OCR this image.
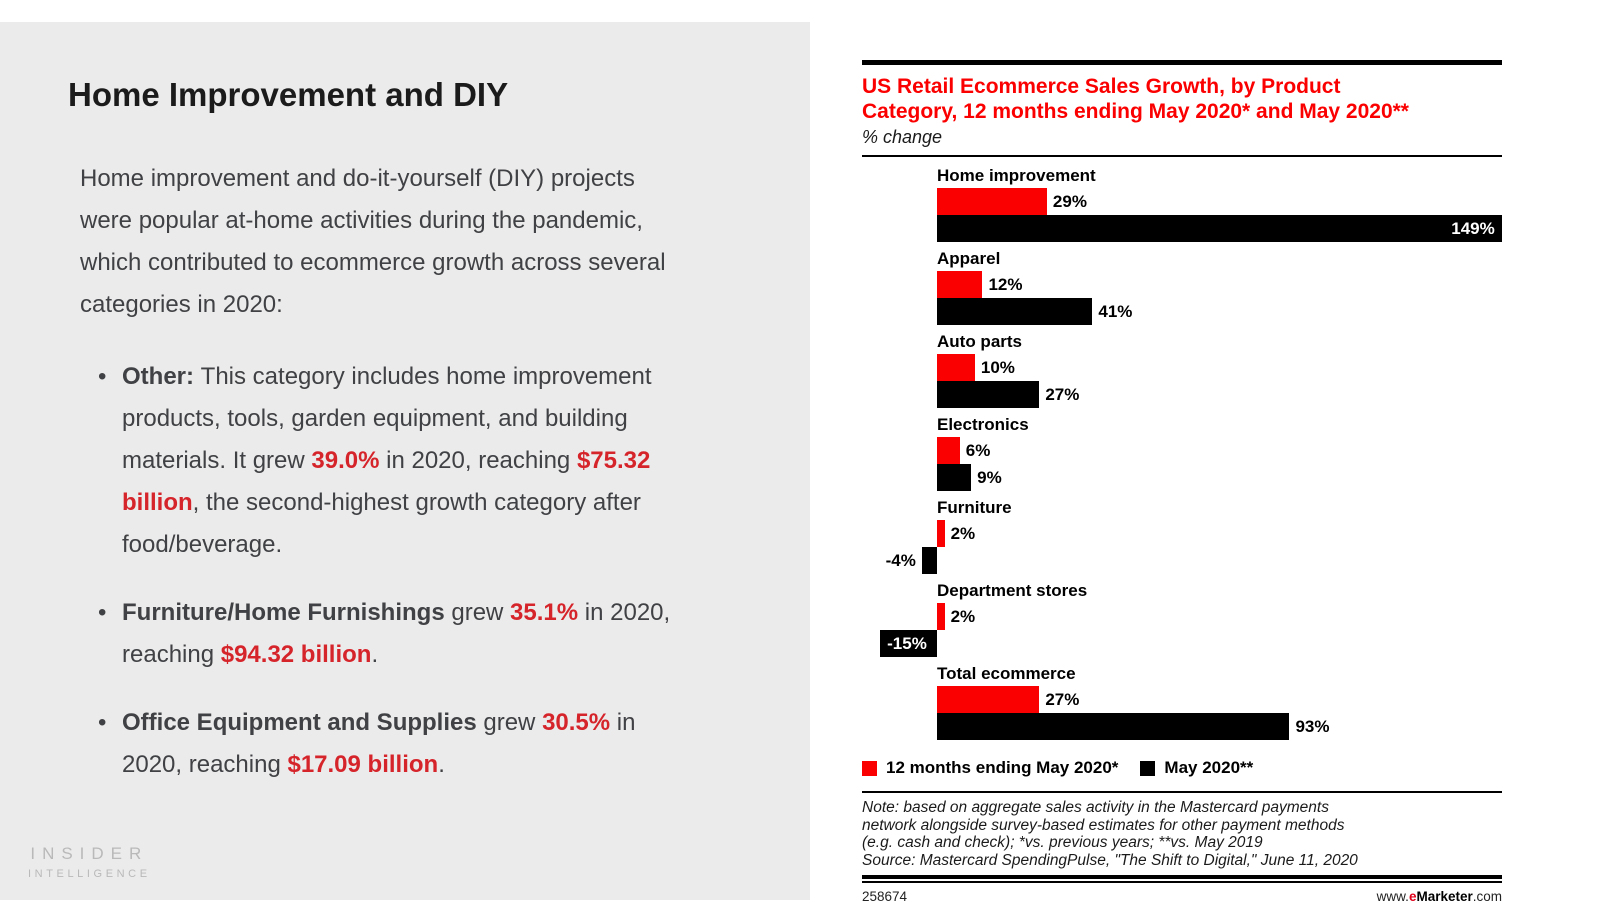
Home Improvement and DIY

Home improvement and do-it-yourself (DIY) projects were popular at-home activities during the pandemic, which contributed to ecommerce growth across several categories in 2020:

• Other: This category includes home improvement products, tools, garden equipment, and building materials. It grew 39.0% in 2020, reaching $75.32 billion, the second-highest growth category after food/beverage.
• Furniture/Home Furnishings grew 35.1% in 2020, reaching $94.32 billion.
• Office Equipment and Supplies grew 30.5% in 2020, reaching $17.09 billion.
INSIDER
INTELLIGENCE
US Retail Ecommerce Sales Growth, by Product
Category, 12 months ending May 2020* and May 2020**
% change
Home improvement
29%
149%
Apparel
12%
41%
Auto parts
10%
27%
Electronics
6%
9%
Furniture
2%
-4%
Department stores
2%
-15%
Total ecommerce
27%
93%
12 months ending May 2020*	May 2020**
Note: based on aggregate sales activity in the Mastercard payments
network alongside survey-based estimates for other payment methods
(e.g. cash and check); *vs. previous years; **vs. May 2019
Source: Mastercard SpendingPulse, "The Shift to Digital," June 11, 2020
258674	www.eMarketer.com
